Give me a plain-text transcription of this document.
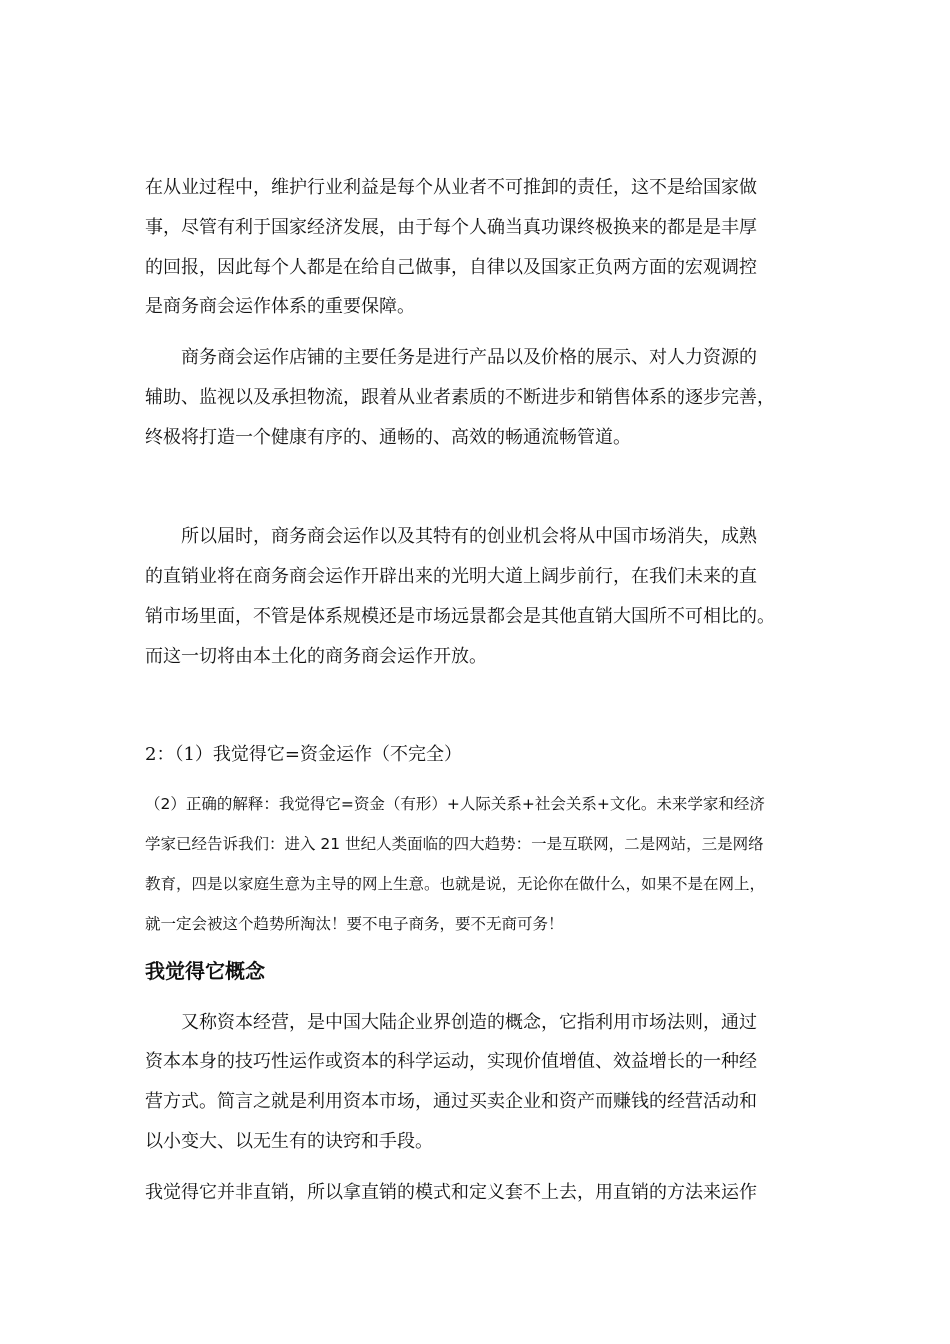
在从业过程中，维护行业利益是每个从业者不可推卸的责任，这不是给国家做
事，尽管有利于国家经济发展，由于每个人确当真功课终极换来的都是是丰厚
的回报，因此每个人都是在给自己做事，自律以及国家正负两方面的宏观调控
是商务商会运作体系的重要保障。
商务商会运作店铺的主要任务是进行产品以及价格的展示、对人力资源的
辅助、监视以及承担物流，跟着从业者素质的不断进步和销售体系的逐步完善，
终极将打造一个健康有序的、通畅的、高效的畅通流畅管道。
所以届时，商务商会运作以及其特有的创业机会将从中国市场消失，成熟
的直销业将在商务商会运作开辟出来的光明大道上阔步前行，在我们未来的直
销市场里面，不管是体系规模还是市场远景都会是其他直销大国所不可相比的。
而这一切将由本土化的商务商会运作开放。
2：（1）我觉得它=资金运作（不完全）
（2）正确的解释：我觉得它=资金（有形）+人际关系+社会关系+文化。未来学家和经济
学家已经告诉我们：进入 21 世纪人类面临的四大趋势：一是互联网，二是网站，三是网络
教育，四是以家庭生意为主导的网上生意。也就是说，无论你在做什么，如果不是在网上，
就一定会被这个趋势所淘汰！要不电子商务，要不无商可务！
我觉得它概念
又称资本经营，是中国大陆企业界创造的概念，它指利用市场法则，通过
资本本身的技巧性运作或资本的科学运动，实现价值增值、效益增长的一种经
营方式。简言之就是利用资本市场，通过买卖企业和资产而赚钱的经营活动和
以小变大、以无生有的诀窍和手段。
我觉得它并非直销，所以拿直销的模式和定义套不上去，用直销的方法来运作
